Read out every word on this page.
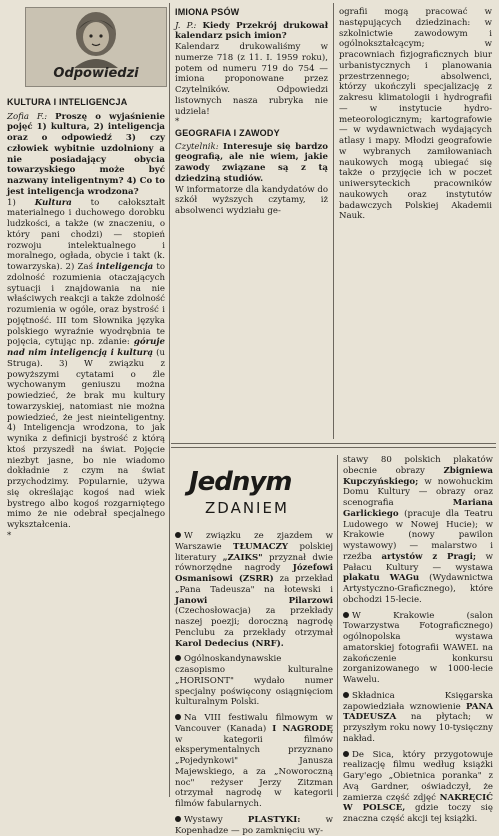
Odpowiedzi

KULTURA I INTELIGENCJA

Zofia F.: Proszę o wyjaśnienie pojęć 1) kultura, 2) inteligencja oraz o odpowiedź 3) czy człowiek wybitnie uzdolniony a nie posiadający obycia towarzyskiego może być nazwany inteligentnym? 4) Co to jest inteligencja wrodzona?

1) Kultura to całokształt materialnego i duchowego dorobku ludzkości, a także (w znaczeniu, o który pani chodzi) — stopień rozwoju intelektualnego i moralnego, ogłada, obycie i takt (k. towarzyska). 2) Zaś inteligencja to zdolność rozumienia otaczających sytuacji i znajdowania na nie właściwych reakcji a także zdolność rozumienia w ogóle, oraz bystrość i pojętność. III tom Słownika języka polskiego wyraźnie wyodrębnia te pojęcia, cytując np. zdanie: góruje nad nim inteligencją i kulturą (u Struga). 3) W związku z powyższymi cytatami o źle wychowanym geniuszu można powiedzieć, że brak mu kultury towarzyskiej, natomiast nie można powiedzieć, że jest nieinteligentny. 4) Inteligencja wrodzona, to jak wynika z definicji bystrość z którą ktoś przyszedł na świat. Pojęcie niezbyt jasne, bo nie wiadomo dokładnie z czym na świat przychodzimy. Popularnie, używa się określając kogoś nad wiek bystrego albo kogoś rozgarniętego mimo że nie odebrał specjalnego wykształcenia.

*

IMIONA PSÓW

J. P.: Kiedy Przekrój drukował kalendarz psich imion?

Kalendarz drukowaliśmy w numerze 718 (z 11. I. 1959 roku), potem od numeru 719 do 754 — imiona proponowane przez Czytelników. Odpowiedzi listownych nasza rubryka nie udziela!

*

GEOGRAFIA I ZAWODY

Czytelnik: Interesuje się bardzo geografią, ale nie wiem, jakie zawody związane są z tą dziedziną studiów.

W informatorze dla kandydatów do szkół wyższych czytamy, iż absolwenci wydziału ge-

ografii mogą pracować w następujących dziedzinach: w szkolnictwie zawodowym i ogólnokształcącym; w pracowniach fizjograficznych biur urbanistycznych i planowania przestrzennego; absolwenci, którzy ukończyli specjalizację z zakresu klimatologii i hydrografii — w instytucie hydro-meteorologicznym; kartografowie — w wydawnictwach wydających atlasy i mapy. Młodzi geografowie w wybranych zamiłowaniach naukowych mogą ubiegać się także o przyjęcie ich w poczet uniwersyteckich pracowników naukowych oraz instytutów badawczych Polskiej Akademii Nauk.

Jednym
ZDANIEM

W związku ze zjazdem w Warszawie TŁUMACZY polskiej literatury „ZAIKS" przyznał dwie równorzędne nagrody Józefowi Osmanisowi (ZSRR) za przekład „Pana Tadeusza" na łotewski i Janowi Pilarzowi (Czechosłowacja) za przekłady naszej poezji; doroczną nagrodę Penclubu za przekłady otrzymał Karol Dedecius (NRF).

Ogólnoskandynawskie czasopismo kulturalne „HORISONT" wydało numer specjalny poświęcony osiągnięciom kulturalnym Polski.

Na VIII festiwalu filmowym w Vancouver (Kanada) I NAGRODĘ w kategorii filmów eksperymentalnych przyznano „Pojedynkowi" Janusza Majewskiego, a za „Noworoczną noc" reżyser Jerzy Zitzman otrzymał nagrodę w kategorii filmów fabularnych.

Wystawy	PLASTYKI:	w Kopenhadze — po zamknięciu wy-

stawy 80 polskich plakatów obecnie obrazy Zbigniewa Kupczyńskiego; w nowohuckim Domu Kultury — obrazy oraz scenografia	Mariana Garlickiego (pracuje dla Teatru Ludowego w Nowej Hucie); w Krakowie (nowy pawilon wystawowy) — malarstwo i rzeźba artystów z Pragi; w Pałacu Kultury — wystawa plakatu WAGu (Wydawnictwa Artystyczno-Graficznego), które obchodzi 15-lecie.

W Krakowie (salon Towarzystwa Fotograficznego) ogólnopolska wystawa amatorskiej fotografii WAWEL na zakończenie konkursu zorganizowanego w 1000-lecie Wawelu.

Składnica Księgarska zapowiedziała wznowienie PANA TADEUSZA na płytach; w przyszłym roku nowy 10-tysięczny nakład.

De Sica, który przygotowuje realizację filmu według książki Gary'ego „Obietnica poranka" z Avą Gardner, oświadczył, że zamierza część zdjęć NAKRĘCIĆ W POLSCE, gdzie toczy się znaczna część akcji tej książki.
